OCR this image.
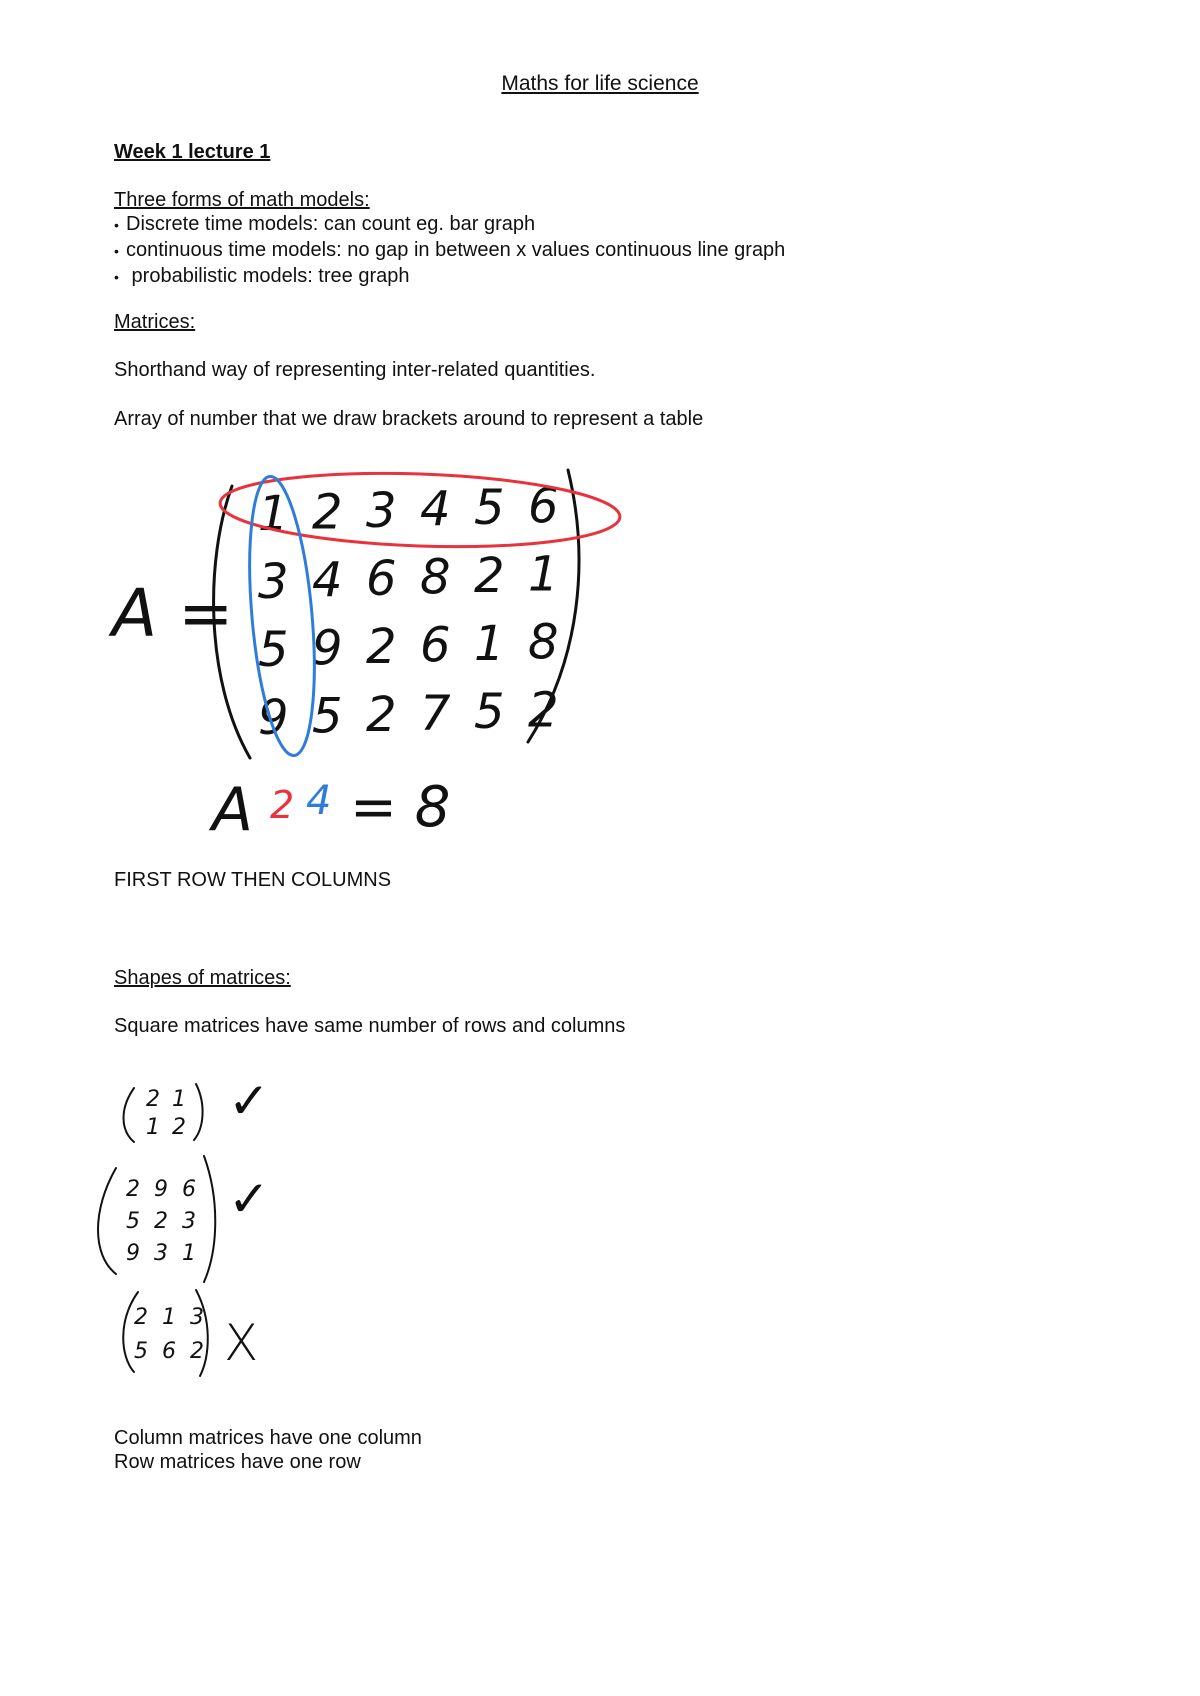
Maths for life science
Week 1 lecture 1
Three forms of math models:
• Discrete time models: can count eg. bar graph
• continuous time models: no gap in between x values continuous line graph
• probabilistic models: tree graph
Matrices:
Shorthand way of representing inter-related quantities.
Array of number that we draw brackets around to represent a table
A =
1 2 3 4 5 6
3 4 6 8 2 1
5 9 2 6 1 8
9 5 2 7 5 2
A 2 4 = 8
FIRST ROW THEN COLUMNS
Shapes of matrices:
Square matrices have same number of rows and columns
2 1
1 2
2 9 6
5 2 3
9 3 1
2 1 3
5 6 2
✓
✓
X
Column matrices have one column
Row matrices have one row
